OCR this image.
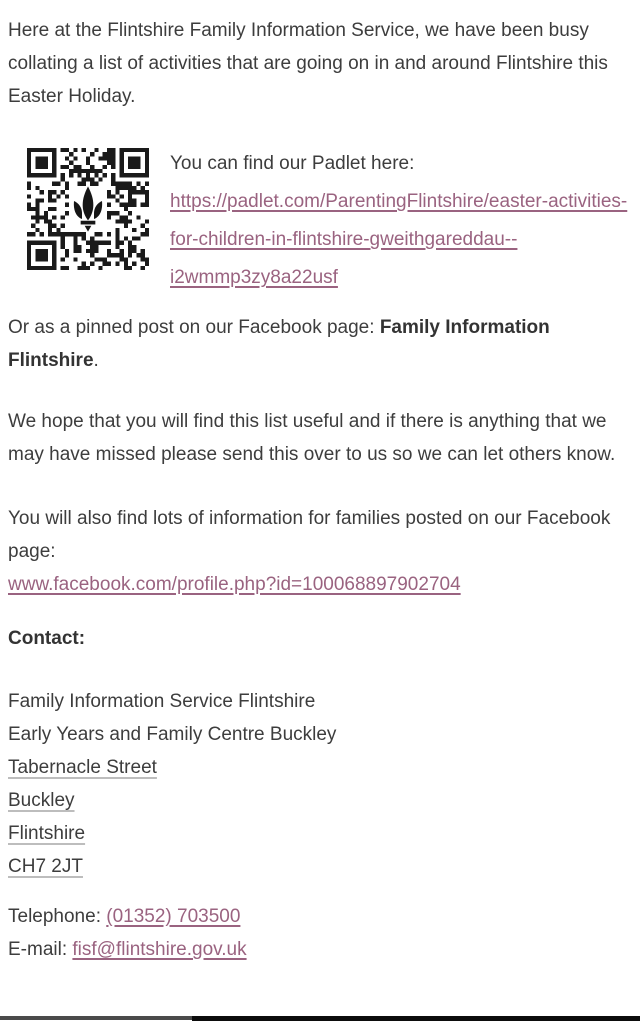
Here at the Flintshire Family Information Service, we have been busy collating a list of activities that are going on in and around Flintshire this Easter Holiday.

You can find our Padlet here:
https://padlet.com/ParentingFlintshire/easter-activities-for-children-in-flintshire-gweithgareddau--i2wmmp3zy8a22usf

Or as a pinned post on our Facebook page: Family Information Flintshire.

We hope that you will find this list useful and if there is anything that we may have missed please send this over to us so we can let others know.

You will also find lots of information for families posted on our Facebook page:
www.facebook.com/profile.php?id=100068897902704

Contact:

Family Information Service Flintshire
Early Years and Family Centre Buckley
Tabernacle Street
Buckley
Flintshire
CH7 2JT
Telephone: (01352) 703500
E-mail: fisf@flintshire.gov.uk
